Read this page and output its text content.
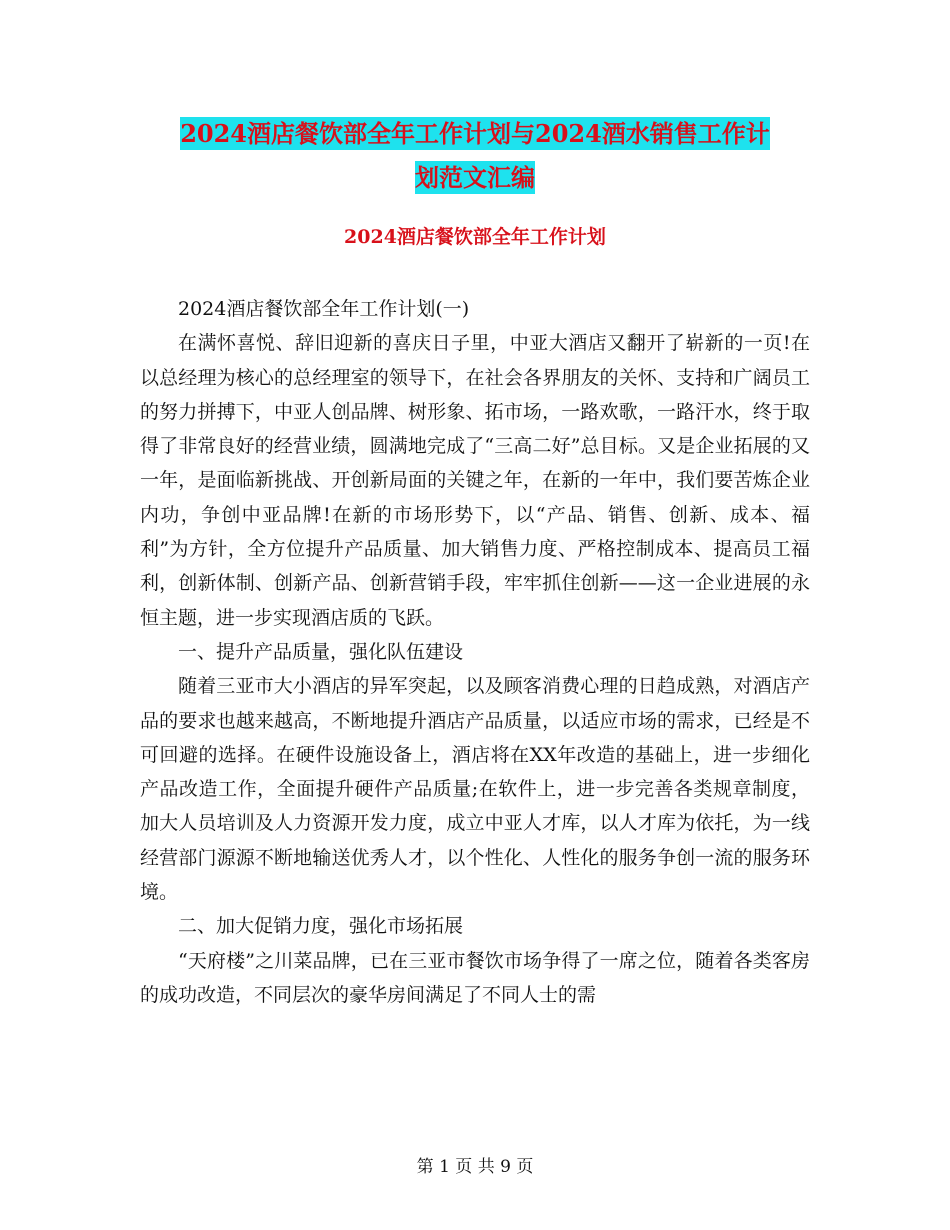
2024酒店餐饮部全年工作计划与2024酒水销售工作计
划范文汇编
2024酒店餐饮部全年工作计划

2024酒店餐饮部全年工作计划(一)

在满怀喜悦、辞旧迎新的喜庆日子里，中亚大酒店又翻开了崭新的一页!在以总经理为核心的总经理室的领导下，在社会各界朋友的关怀、支持和广阔员工的努力拼搏下，中亚人创品牌、树形象、拓市场，一路欢歌，一路汗水，终于取得了非常良好的经营业绩，圆满地完成了“三高二好”总目标。又是企业拓展的又一年，是面临新挑战、开创新局面的关键之年，在新的一年中，我们要苦炼企业内功，争创中亚品牌!在新的市场形势下，以“产品、销售、创新、成本、福利”为方针，全方位提升产品质量、加大销售力度、严格控制成本、提高员工福利，创新体制、创新产品、创新营销手段，牢牢抓住创新——这一企业进展的永恒主题，进一步实现酒店质的飞跃。

一、提升产品质量，强化队伍建设

随着三亚市大小酒店的异军突起，以及顾客消费心理的日趋成熟，对酒店产品的要求也越来越高，不断地提升酒店产品质量，以适应市场的需求，已经是不可回避的选择。在硬件设施设备上，酒店将在XX年改造的基础上，进一步细化产品改造工作，全面提升硬件产品质量;在软件上，进一步完善各类规章制度，加大人员培训及人力资源开发力度，成立中亚人才库，以人才库为依托，为一线经营部门源源不断地输送优秀人才，以个性化、人性化的服务争创一流的服务环境。

二、加大促销力度，强化市场拓展

“天府楼”之川菜品牌，已在三亚市餐饮市场争得了一席之位，随着各类客房的成功改造，不同层次的豪华房间满足了不同人士的需

第 1 页 共 9 页
